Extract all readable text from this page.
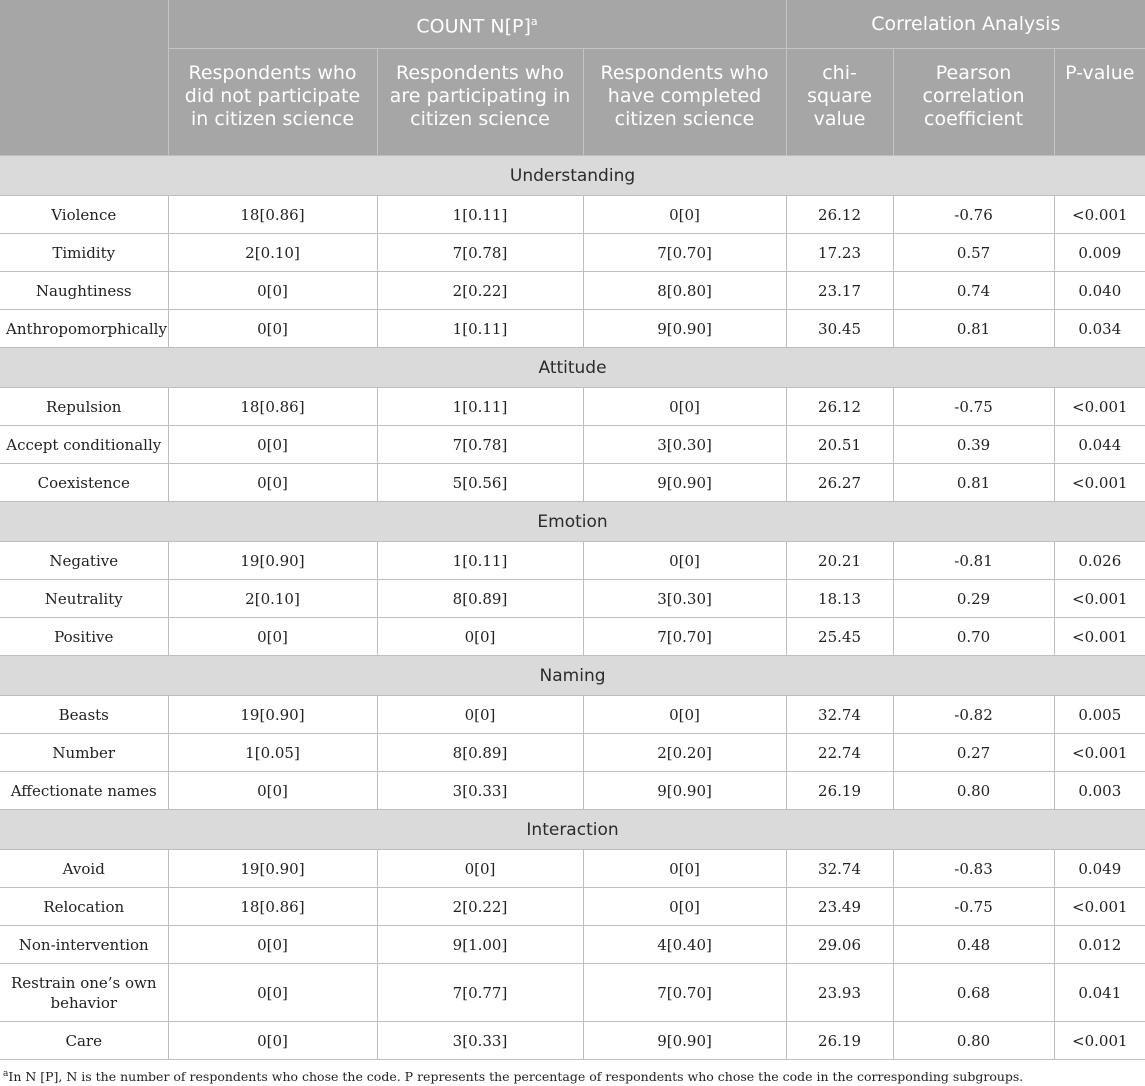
	COUNT $N[P]^a$			Correlation Analysis		
	Respondents who did not participate in citizen science	Respondents who are participating in citizen science	Respondents who have completed citizen science	chi-square value	Pearson correlation coefficient	P-value
Understanding						
Violence	18[0.86]	1[0.11]	0[0]	26.12	-0.76	<0.001
Timidity	2[0.10]	7[0.78]	7[0.70]	17.23	0.57	0.009
Naughtiness	0[0]	2[0.22]	8[0.80]	23.17	0.74	0.040
Anthropomorphically	0[0]	1[0.11]	9[0.90]	30.45	0.81	0.034
Attitude						
Repulsion	18[0.86]	1[0.11]	0[0]	26.12	-0.75	<0.001
Accept conditionally	0[0]	7[0.78]	3[0.30]	20.51	0.39	0.044
Coexistence	0[0]	5[0.56]	9[0.90]	26.27	0.81	<0.001
Emotion						
Negative	19[0.90]	1[0.11]	0[0]	20.21	-0.81	0.026
Neutrality	2[0.10]	8[0.89]	3[0.30]	18.13	0.29	<0.001
Positive	0[0]	0[0]	7[0.70]	25.45	0.70	<0.001
Naming						
Beasts	19[0.90]	0[0]	0[0]	32.74	-0.82	0.005
Number	1[0.05]	8[0.89]	2[0.20]	22.74	0.27	<0.001
Affectionate names	0[0]	3[0.33]	9[0.90]	26.19	0.80	0.003
Interaction						
Avoid	19[0.90]	0[0]	0[0]	32.74	-0.83	0.049
Relocation	18[0.86]	2[0.22]	0[0]	23.49	-0.75	<0.001
Non-intervention	0[0]	9[1.00]	4[0.40]	29.06	0.48	0.012
Restrain one’s own behavior	0[0]	7[0.77]	7[0.70]	23.93	0.68	0.041
Care	0[0]	3[0.33]	9[0.90]	26.19	0.80	<0.001
$^a$In N [P], N is the number of respondents who chose the code. P represents the percentage of respondents who chose the code in the corresponding subgroups.
